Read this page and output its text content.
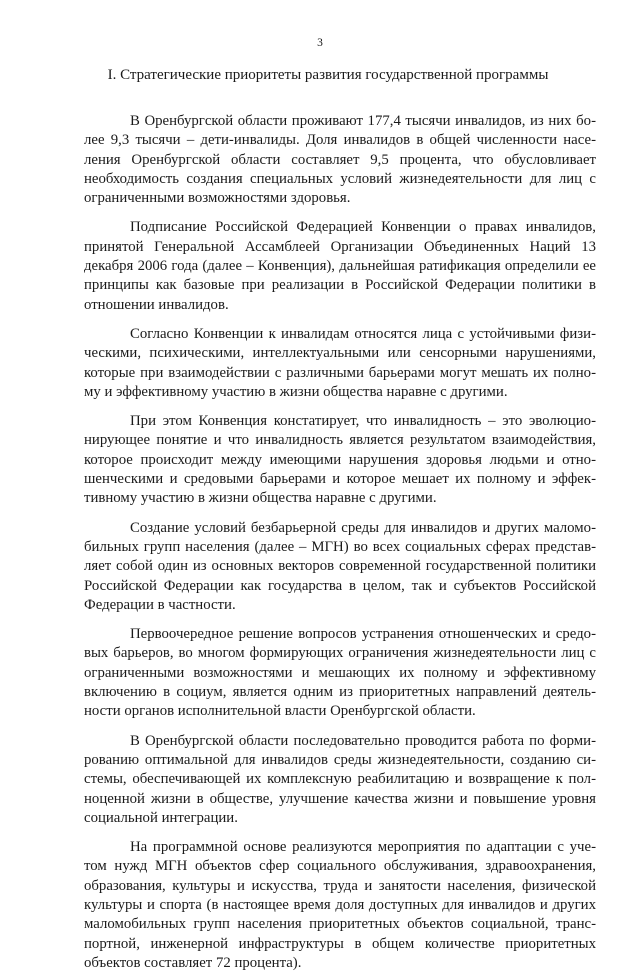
3
I. Стратегические приоритеты развития государственной программы

В Оренбургской области проживают 177,4 тысячи инвалидов, из них более 9,3 тысячи – дети-инвалиды. Доля инвалидов в общей численности населения Оренбургской области составляет 9,5 процента, что обусловливает необходимость создания специальных условий жизнедеятельности для лиц с ограниченными возможностями здоровья.

Подписание Российской Федерацией Конвенции о правах инвалидов, принятой Генеральной Ассамблеей Организации Объединенных Наций 13 декабря 2006 года (далее – Конвенция), дальнейшая ратификация определили ее принципы как базовые при реализации в Российской Федерации политики в отношении инвалидов.

Согласно Конвенции к инвалидам относятся лица с устойчивыми физическими, психическими, интеллектуальными или сенсорными нарушениями, которые при взаимодействии с различными барьерами могут мешать их полному и эффективному участию в жизни общества наравне с другими.

При этом Конвенция констатирует, что инвалидность – это эволюционирующее понятие и что инвалидность является результатом взаимодействия, которое происходит между имеющими нарушения здоровья людьми и отношенческими и средовыми барьерами и которое мешает их полному и эффективному участию в жизни общества наравне с другими.

Создание условий безбарьерной среды для инвалидов и других маломобильных групп населения (далее – МГН) во всех социальных сферах представляет собой один из основных векторов современной государственной политики Российской Федерации как государства в целом, так и субъектов Российской Федерации в частности.

Первоочередное решение вопросов устранения отношенческих и средовых барьеров, во многом формирующих ограничения жизнедеятельности лиц с ограниченными возможностями и мешающих их полному и эффективному включению в социум, является одним из приоритетных направлений деятельности органов исполнительной власти Оренбургской области.

В Оренбургской области последовательно проводится работа по формированию оптимальной для инвалидов среды жизнедеятельности, созданию системы, обеспечивающей их комплексную реабилитацию и возвращение к полноценной жизни в обществе, улучшение качества жизни и повышение уровня социальной интеграции.

На программной основе реализуются мероприятия по адаптации с учетом нужд МГН объектов сфер социального обслуживания, здравоохранения, образования, культуры и искусства, труда и занятости населения, физической культуры и спорта (в настоящее время доля доступных для инвалидов и других маломобильных групп населения приоритетных объектов социальной, транспортной, инженерной инфраструктуры в общем количестве приоритетных объектов составляет 72 процента).
